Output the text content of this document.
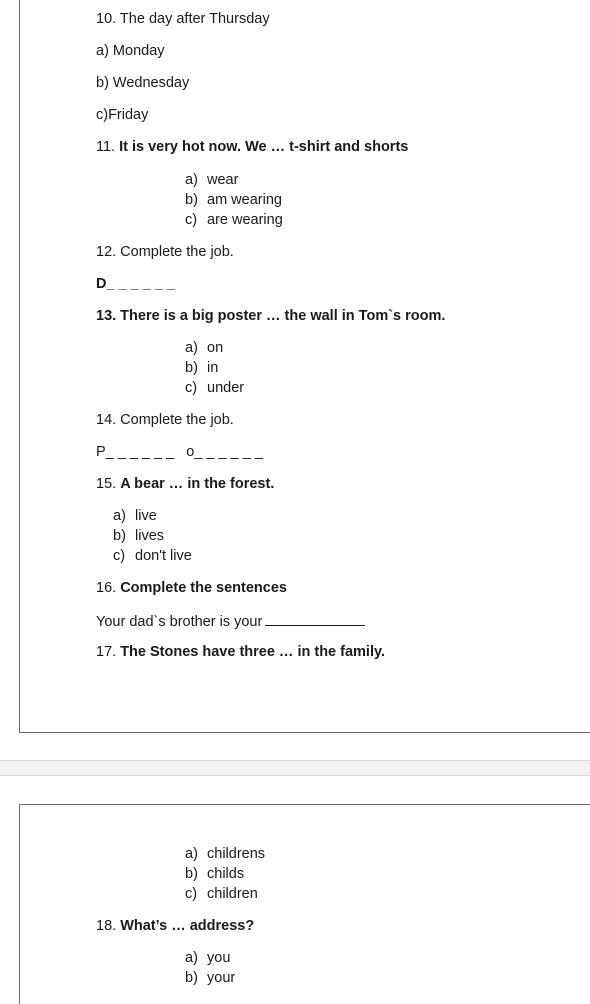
10. The day after Thursday
a) Monday
b) Wednesday
c)Friday
11. It is very hot now. We … t-shirt and shorts
a) wear
b) am wearing
c) are wearing
12. Complete the job.
D_ _ _ _ _ _
13. There is a big poster … the wall in Tom`s room.
a) on
b) in
c) under
14. Complete the job.
P_ _ _ _ _ _   o_ _ _ _ _ _
15. A bear … in the forest.
a) live
b) lives
c) don't live
16. Complete the sentences
Your dad`s brother is your
17. The Stones have three … in the family.
a) childrens
b) childs
c) children
18. What’s … address?
a) you
b) your
